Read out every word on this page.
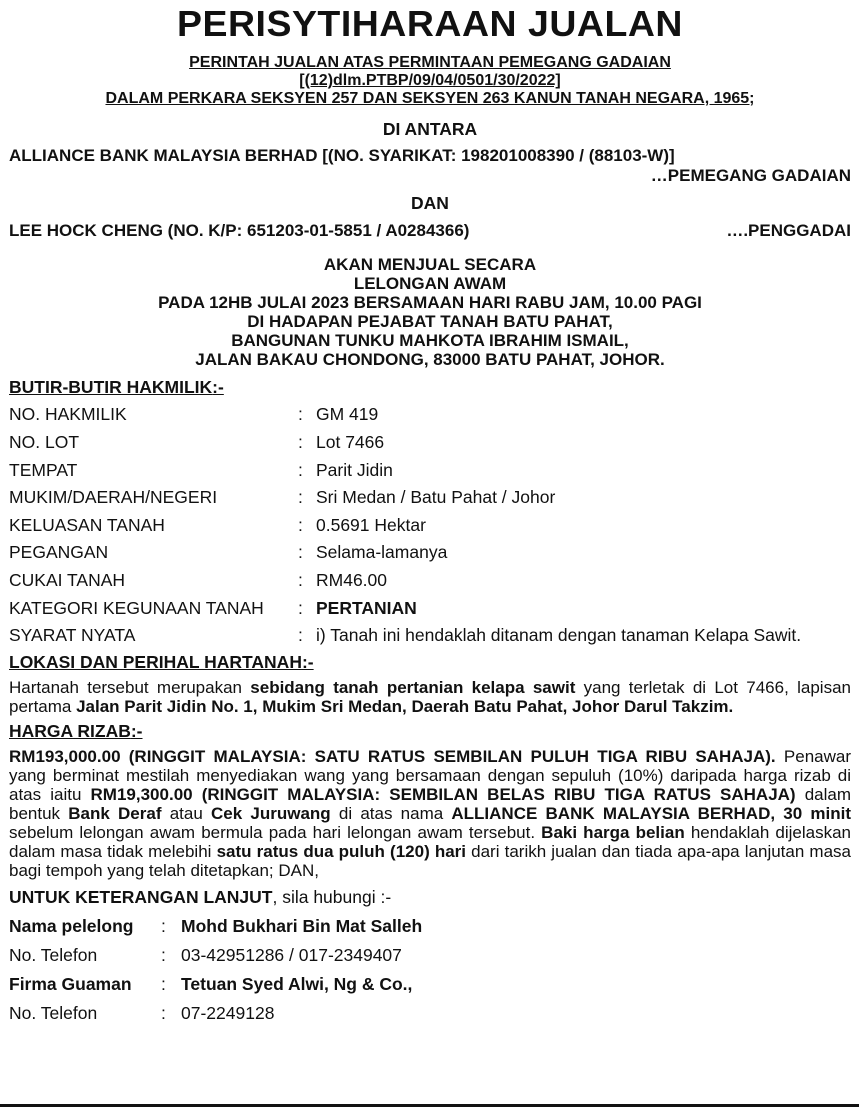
PERISYTIHARAAN JUALAN
PERINTAH JUALAN ATAS PERMINTAAN PEMEGANG GADAIAN
[(12)dlm.PTBP/09/04/0501/30/2022]
DALAM PERKARA SEKSYEN 257 DAN SEKSYEN 263 KANUN TANAH NEGARA, 1965;
DI ANTARA
ALLIANCE BANK MALAYSIA BERHAD [(NO. SYARIKAT: 198201008390 / (88103-W)]
…PEMEGANG GADAIAN
DAN
LEE HOCK CHENG (NO. K/P: 651203-01-5851 / A0284366)	….PENGGADAI
AKAN MENJUAL SECARA
LELONGAN AWAM
PADA 12HB JULAI 2023 BERSAMAAN HARI RABU JAM, 10.00 PAGI
DI HADAPAN PEJABAT TANAH BATU PAHAT,
BANGUNAN TUNKU MAHKOTA IBRAHIM ISMAIL,
JALAN BAKAU CHONDONG, 83000 BATU PAHAT, JOHOR.
BUTIR-BUTIR HAKMILIK:-
NO. HAKMILIK	:	GM 419
NO. LOT	:	Lot 7466
TEMPAT	:	Parit Jidin
MUKIM/DAERAH/NEGERI	:	Sri Medan / Batu Pahat / Johor
KELUASAN TANAH	:	0.5691 Hektar
PEGANGAN	:	Selama-lamanya
CUKAI TANAH	:	RM46.00
KATEGORI KEGUNAAN TANAH	:	PERTANIAN
SYARAT NYATA	:	i) Tanah ini hendaklah ditanam dengan tanaman Kelapa Sawit.
LOKASI DAN PERIHAL HARTANAH:-
Hartanah tersebut merupakan sebidang tanah pertanian kelapa sawit yang terletak di Lot 7466, lapisan pertama Jalan Parit Jidin No. 1, Mukim Sri Medan, Daerah Batu Pahat, Johor Darul Takzim.
HARGA RIZAB:-
RM193,000.00 (RINGGIT MALAYSIA: SATU RATUS SEMBILAN PULUH TIGA RIBU SAHAJA). Penawar yang berminat mestilah menyediakan wang yang bersamaan dengan sepuluh (10%) daripada harga rizab di atas iaitu RM19,300.00 (RINGGIT MALAYSIA: SEMBILAN BELAS RIBU TIGA RATUS SAHAJA) dalam bentuk Bank Deraf atau Cek Juruwang di atas nama ALLIANCE BANK MALAYSIA BERHAD, 30 minit sebelum lelongan awam bermula pada hari lelongan awam tersebut. Baki harga belian hendaklah dijelaskan dalam masa tidak melebihi satu ratus dua puluh (120) hari dari tarikh jualan dan tiada apa-apa lanjutan masa bagi tempoh yang telah ditetapkan; DAN,
UNTUK KETERANGAN LANJUT, sila hubungi :-
Nama pelelong	:	Mohd Bukhari Bin Mat Salleh
No. Telefon	:	03-42951286 / 017-2349407
Firma Guaman	:	Tetuan Syed Alwi, Ng & Co.,
No. Telefon	:	07-2249128
